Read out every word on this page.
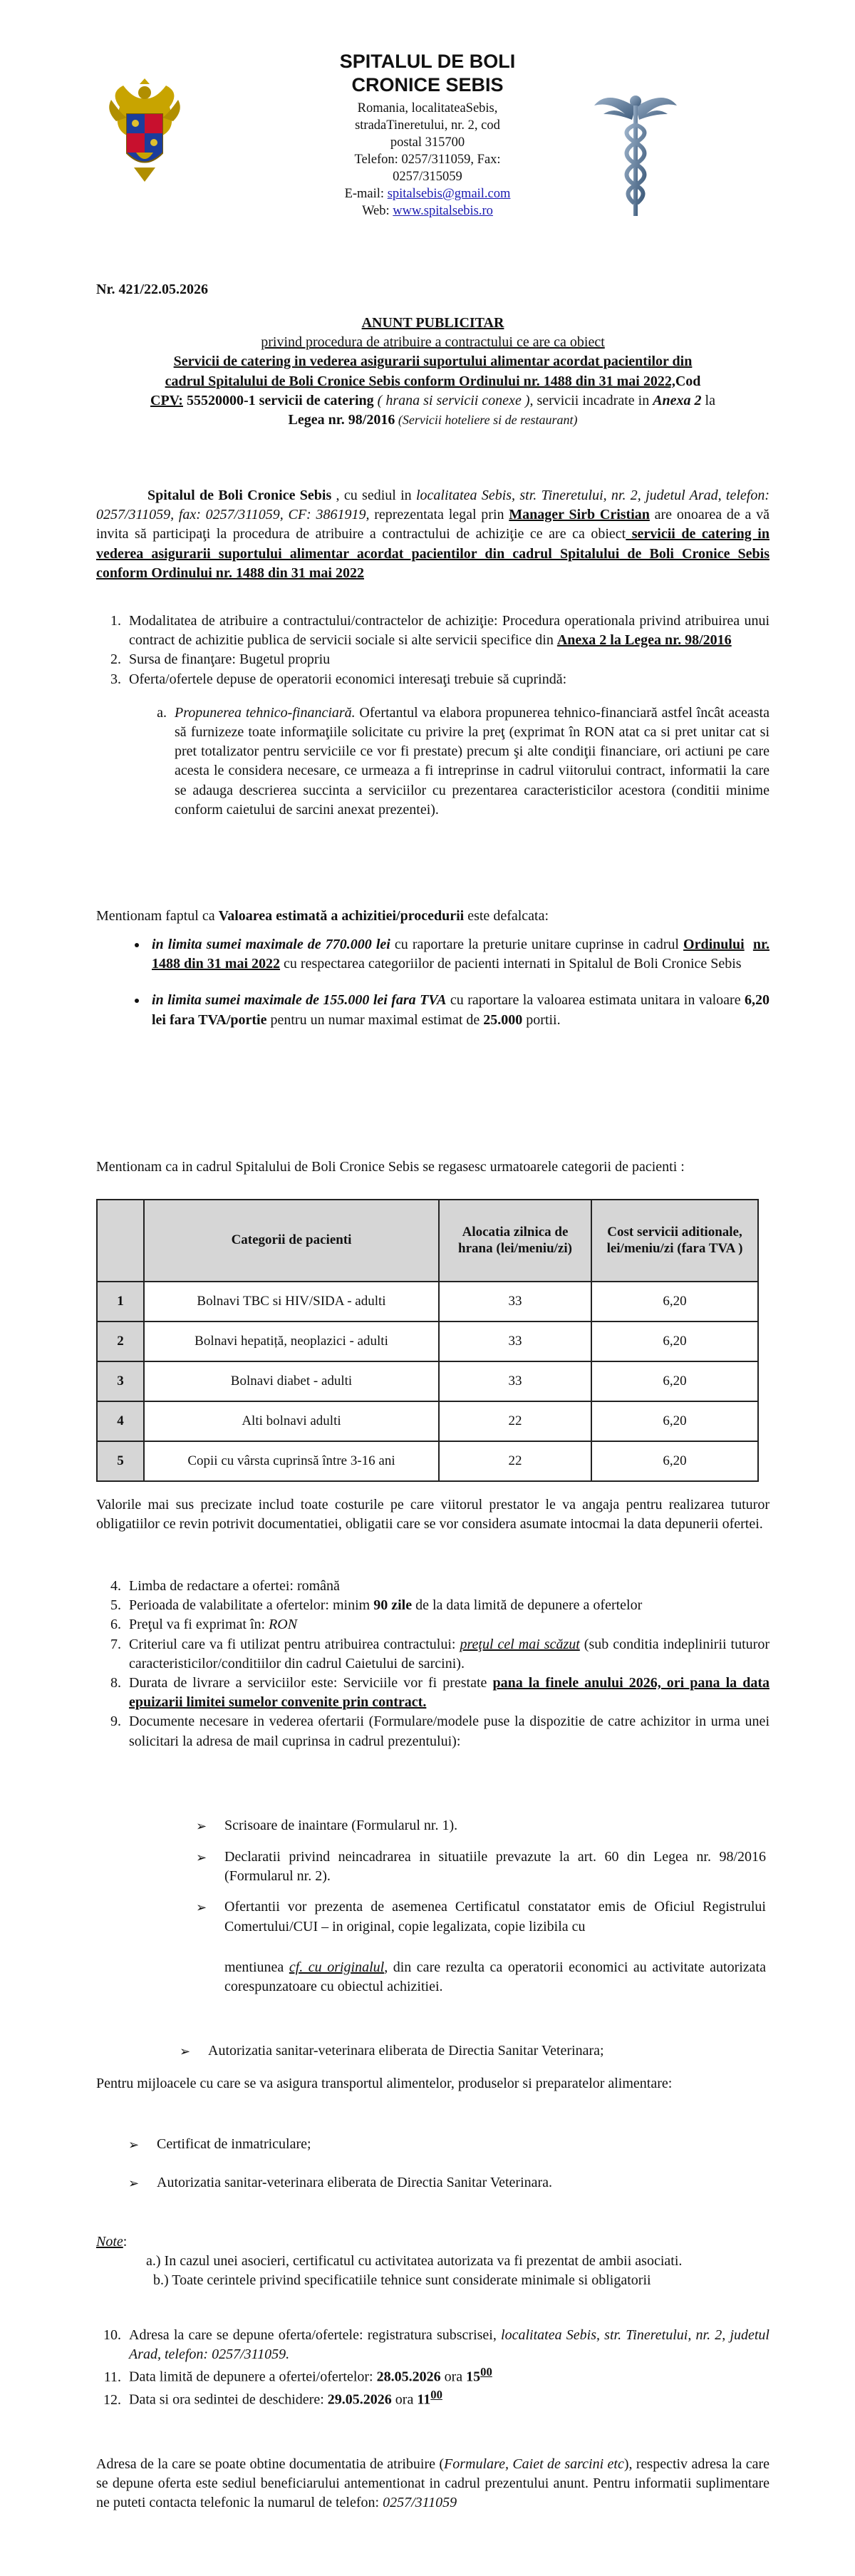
SPITALUL DE BOLI
CRONICE SEBIS
Romania, localitateaSebis,
stradaTineretului, nr. 2, cod
postal 315700
Telefon: 0257/311059, Fax:
0257/315059
E-mail: spitalsebis@gmail.com
Web: www.spitalsebis.ro
Nr. 421/22.05.2026
ANUNT PUBLICITAR
privind procedura de atribuire a contractului ce are ca obiect
Servicii de catering in vederea asigurarii suportului alimentar acordat pacientilor din
cadrul Spitalului de Boli Cronice Sebis conform Ordinului nr. 1488 din 31 mai 2022,Cod
CPV: 55520000-1 servicii de catering ( hrana si servicii conexe ), servicii incadrate in Anexa 2 la
Legea nr. 98/2016 (Servicii hoteliere si de restaurant)
Spitalul de Boli Cronice Sebis , cu sediul in localitatea Sebis, str. Tineretului, nr. 2, judetul Arad, telefon: 0257/311059, fax: 0257/311059, CF: 3861919, reprezentata legal prin Manager Sirb Cristian are onoarea de a vă invita să participaţi la procedura de atribuire a contractului de achiziţie ce are ca obiect servicii de catering in vederea asigurarii suportului alimentar acordat pacientilor din cadrul Spitalului de Boli Cronice Sebis conform Ordinului nr. 1488 din 31 mai 2022
1. Modalitatea de atribuire a contractului/contractelor de achiziţie: Procedura operationala privind atribuirea unui contract de achizitie publica de servicii sociale si alte servicii specifice din Anexa 2 la Legea nr. 98/2016
2. Sursa de finanţare: Bugetul propriu
3. Oferta/ofertele depuse de operatorii economici interesaţi trebuie să cuprindă:
a. Propunerea tehnico-financiară. Ofertantul va elabora propunerea tehnico-financiară astfel încât aceasta să furnizeze toate informaţiile solicitate cu privire la preţ (exprimat în RON atat ca si pret unitar cat si pret totalizator pentru serviciile ce vor fi prestate) precum şi alte condiţii financiare, ori actiuni pe care acesta le considera necesare, ce urmeaza a fi intreprinse in cadrul viitorului contract, informatii la care se adauga descrierea succinta a serviciilor cu prezentarea caracteristicilor acestora (conditii minime conform caietului de sarcini anexat prezentei).
Mentionam faptul ca Valoarea estimată a achizitiei/procedurii este defalcata:
• in limita sumei maximale de 770.000 lei cu raportare la preturie unitare cuprinse in cadrul Ordinului nr. 1488 din 31 mai 2022 cu respectarea categoriilor de pacienti internati in Spitalul de Boli Cronice Sebis
• in limita sumei maximale de 155.000 lei fara TVA cu raportare la valoarea estimata unitara in valoare 6,20 lei fara TVA/portie pentru un numar maximal estimat de 25.000 portii.
Mentionam ca in cadrul Spitalului de Boli Cronice Sebis se regasesc urmatoarele categorii de pacienti :
	Categorii de pacienti	Alocatia zilnica de hrana (lei/meniu/zi)	Cost servicii aditionale, lei/meniu/zi (fara TVA )
1	Bolnavi TBC si HIV/SIDA - adulti	33	6,20
2	Bolnavi hepatiță, neoplazici - adulti	33	6,20
3	Bolnavi diabet - adulti	33	6,20
4	Alti bolnavi adulti	22	6,20
5	Copii cu vârsta cuprinsă între 3-16 ani	22	6,20
Valorile mai sus precizate includ toate costurile pe care viitorul prestator le va angaja pentru realizarea tuturor obligatiilor ce revin potrivit documentatiei, obligatii care se vor considera asumate intocmai la data depunerii ofertei.
4. Limba de redactare a ofertei: română
5. Perioada de valabilitate a ofertelor: minim 90 zile de la data limită de depunere a ofertelor
6. Preţul va fi exprimat în: RON
7. Criteriul care va fi utilizat pentru atribuirea contractului: preţul cel mai scăzut (sub conditia indeplinirii tuturor caracteristicilor/conditiilor din cadrul Caietului de sarcini).
8. Durata de livrare a serviciilor este: Serviciile vor fi prestate pana la finele anului 2026, ori pana la data epuizarii limitei sumelor convenite prin contract.
9. Documente necesare in vederea ofertarii (Formulare/modele puse la dispozitie de catre achizitor in urma unei solicitari la adresa de mail cuprinsa in cadrul prezentului):
➢	Scrisoare de inaintare (Formularul nr. 1).
➢	Declaratii privind neincadrarea in situatiile prevazute la art. 60 din Legea nr. 98/2016 (Formularul nr. 2).
➢	Ofertantii vor prezenta de asemenea Certificatul constatator emis de Oficiul Registrului Comertului/CUI – in original, copie legalizata, copie lizibila cu
mentiunea cf. cu originalul, din care rezulta ca operatorii economici au activitate autorizata corespunzatoare cu obiectul achizitiei.
➢	Autorizatia sanitar-veterinara eliberata de Directia Sanitar Veterinara;
Pentru mijloacele cu care se va asigura transportul alimentelor, produselor si preparatelor alimentare:
➢	Certificat de inmatriculare;
➢	Autorizatia sanitar-veterinara eliberata de Directia Sanitar Veterinara.
Note:
a.) In cazul unei asocieri, certificatul cu activitatea autorizata va fi prezentat de ambii asociati.
b.) Toate cerintele privind specificatiile tehnice sunt considerate minimale si obligatorii
10. Adresa la care se depune oferta/ofertele: registratura subscrisei, localitatea Sebis, str. Tineretului, nr. 2, judetul Arad, telefon: 0257/311059.
11. Data limită de depunere a ofertei/ofertelor: 28.05.2026 ora $15^{00}$
12. Data si ora sedintei de deschidere: 29.05.2026 ora $11^{00}$
Adresa de la care se poate obtine documentatia de atribuire (Formulare, Caiet de sarcini etc), respectiv adresa la care se depune oferta este sediul beneficiarului antementionat in cadrul prezentului anunt. Pentru informatii suplimentare ne puteti contacta telefonic la numarul de telefon: 0257/311059
